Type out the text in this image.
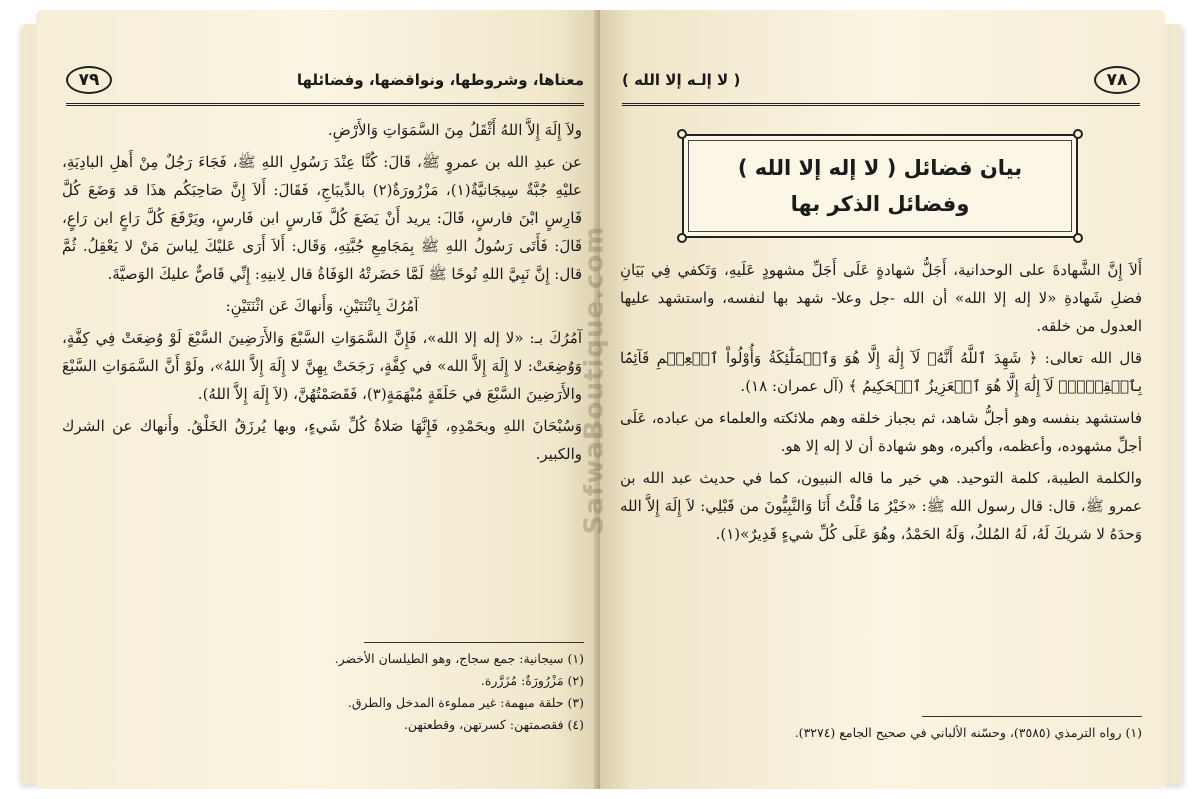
٧٩	معناها، وشروطها، ونواقضها، وفضائلها

ولاَ إِلَهَ إِلاَّ اللهُ أَثْقَلُ مِنَ السَّمَوَاتِ وَالأَرْضِ.

عن عبدِ الله بن عمروٍ ﷺ، قَالَ: كُنَّا عِنْدَ رَسُولِ اللهِ ﷺ، فَجَاءَ رَجُلٌ مِنْ أَهلِ البادِيَةِ، عليْهِ جُبَّةٌ سِيجَانيَّةٌ(١)، مَزْرُورَةٌ(٢) بالدِّيبَاجِ، فَقَالَ: أَلاَ إِنَّ صَاحِبَكُم هذَا قد وَضَعَ كُلَّ فَارِسٍ ابْنَ فارسٍ، قَالَ: يريد أَنْ يَضَعَ كُلَّ فَارسٍ ابن فَارسٍ، ويَرْفَعَ كُلَّ رَاعٍ ابن رَاعٍ، قَالَ: فَأَتَى رَسُولُ اللهِ ﷺ بِمَجَامِعِ جُبَّتِهِ، وَقَال: أَلاَ أَرَى عَليْكَ لِباسَ مَنْ لا يَعْقِلُ. ثُمَّ قال: إِنَّ نَبِيَّ اللهِ نُوحًا ﷺ لَمَّا حَضَرتْهُ الوَفَاةُ قال لِابنِهِ: إِنِّي قَاصٌّ عليكَ الوَصيَّةَ.

آمُرُكَ بِاثْنَتَيْنِ، وَأَنهاكَ عَن اثْنَتَيْنِ:

آمُرُكَ بـ: «لا إله إلا الله»، فَإِنَّ السَّمَوَاتِ السَّبْعَ وَالأَرَضِينَ السَّبْعَ لَوْ وُضِعَتْ فِي كِفَّةٍ، وَوُضِعَتْ: لا إِلَهَ إِلاَّ الله» في كِفَّةٍ، رَجَحَتْ بِهِنَّ لا إِلَهَ إِلاَّ اللهُ»، ولَوْ أَنَّ السَّمَوَاتِ السَّبْعَ والأَرَضِينَ السَّبْعَ في حَلَقَةٍ مُبْهَمَةٍ(٣)، فَقَصَمْتُهُنَّ، (لاَ إِلَهَ إِلاَّ اللهُ).

وَسُبْحَانَ اللهِ وبحَمْدِهِ، فَإِنَّهَا صَلاةُ كُلِّ شَيءٍ، وبها يُرزَقُ الخَلْقُ. وأَنهاك عن الشرك والكبير.

(١) سيجانية: جمع سجاج، وهو الطيلسان الأخضر.
(٢) مَزْرُورَةٌ: مُزَرَّرة.
(٣) حلقة مبهمة: غير مملوءة المدخل والطرق.
(٤) فقصمتهن: كسرتهن، وقطعتهن.
٧٨
( لا إلـه إلا الله )
بيان فضائل ( لا إله إلا الله )
وفضائل الذكر بها

أَلاَ إِنَّ الشَّهادةَ على الوحدانية، أَجَلُّ شهادةٍ عَلَى أَجَلِّ مشهودٍ عَلَيهِ، وَتَكفي فِي بَيَانِ فضلِ شَهادةِ «لا إله إلا الله» أن الله -جل وعلا- شهد بها لنفسه، واستشهد عليها العدول من خلقه.

قال الله تعالى: ﴿ شَهِدَ ٱللَّهُ أَنَّهُۥ لَآ إِلَٰهَ إِلَّا هُوَ وَٱلۡمَلَٰٓئِكَةُ وَأُوْلُواْ ٱلۡعِلۡمِ قَآئِمَۢا بِٱلۡقِسۡطِۚ لَآ إِلَٰهَ إِلَّا هُوَ ٱلۡعَزِيزُ ٱلۡحَكِيمُ ﴾ (آل عمران: ١٨).

فاستشهد بنفسه وهو أجلُّ شاهد، ثم بجباز خلقه وهم ملائكته والعلماء من عباده، عَلَى أجلِّ مشهوده، وأعظمه، وأكبره، وهو شهادة أن لا إله إلا هو.

والكلمة الطيبة، كلمة التوحيد. هي خير ما قاله النبيون، كما في حديث عبد الله بن عمرو ﷺ، قال: قال رسول الله ﷺ: «خَيْرُ مَا قُلْتُ أَنَا وَالنَّبِيُّونَ من قَبْلِي: لاَ إِلَهَ إِلاَّ الله وَحدَهُ لا شريكَ لَهُ، لَهُ المُلكُ، وَلَهُ الحَمْدُ، وهُوَ عَلَى كُلِّ شيءٍ قَدِيرٌ»(١).

(١) رواه الترمذي (٣٥٨٥)، وحسّنه الألباني في صحيح الجامع (٣٢٧٤).
SafwaBoutique.com
